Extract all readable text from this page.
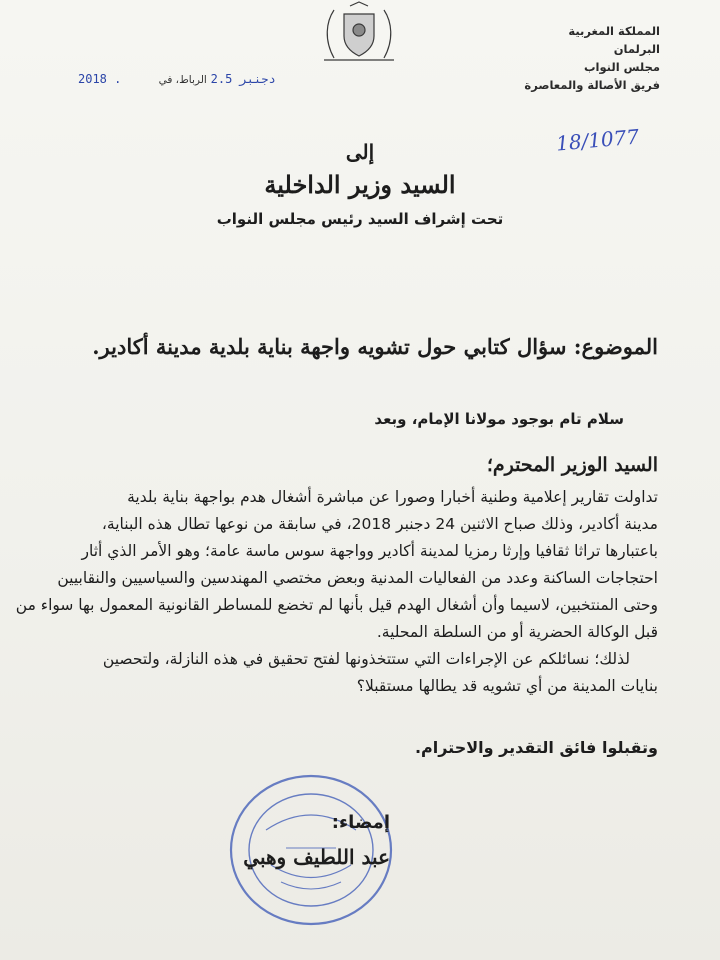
المملكة المغربية
البرلمان
مجلس النواب
فريق الأصالة والمعاصرة
2018 . دجنبر 2.5 الرباط، في
18/1077
إلى
السيد وزير الداخلية
تحت إشراف السيد رئيس مجلس النواب
الموضوع: سؤال كتابي حول تشويه واجهة بناية بلدية مدينة أكادير.
سلام تام بوجود مولانا الإمام، وبعد
السيد الوزير المحترم؛
تداولت تقارير إعلامية وطنية أخبارا وصورا عن مباشرة أشغال هدم بواجهة بناية بلدية
مدينة أكادير، وذلك صباح الاثنين 24 دجنبر 2018، في سابقة من نوعها تطال هذه البناية،
باعتبارها تراثا ثقافيا وإرثا رمزيا لمدينة أكادير وواجهة سوس ماسة عامة؛ وهو الأمر الذي أثار
احتجاجات الساكنة وعدد من الفعاليات المدنية وبعض مختصي المهندسين والسياسيين والنقابيين
وحتى المنتخبين، لاسيما وأن أشغال الهدم قيل بأنها لم تخضع للمساطر القانونية المعمول بها سواء من
قبل الوكالة الحضرية أو من السلطة المحلية.
لذلك؛ نسائلكم عن الإجراءات التي ستتخذونها لفتح تحقيق في هذه النازلة، ولتحصين
بنايات المدينة من أي تشويه قد يطالها مستقبلا؟
وتقبلوا فائق التقدير والاحترام.
إمضاء:
عبد اللطيف وهبي
